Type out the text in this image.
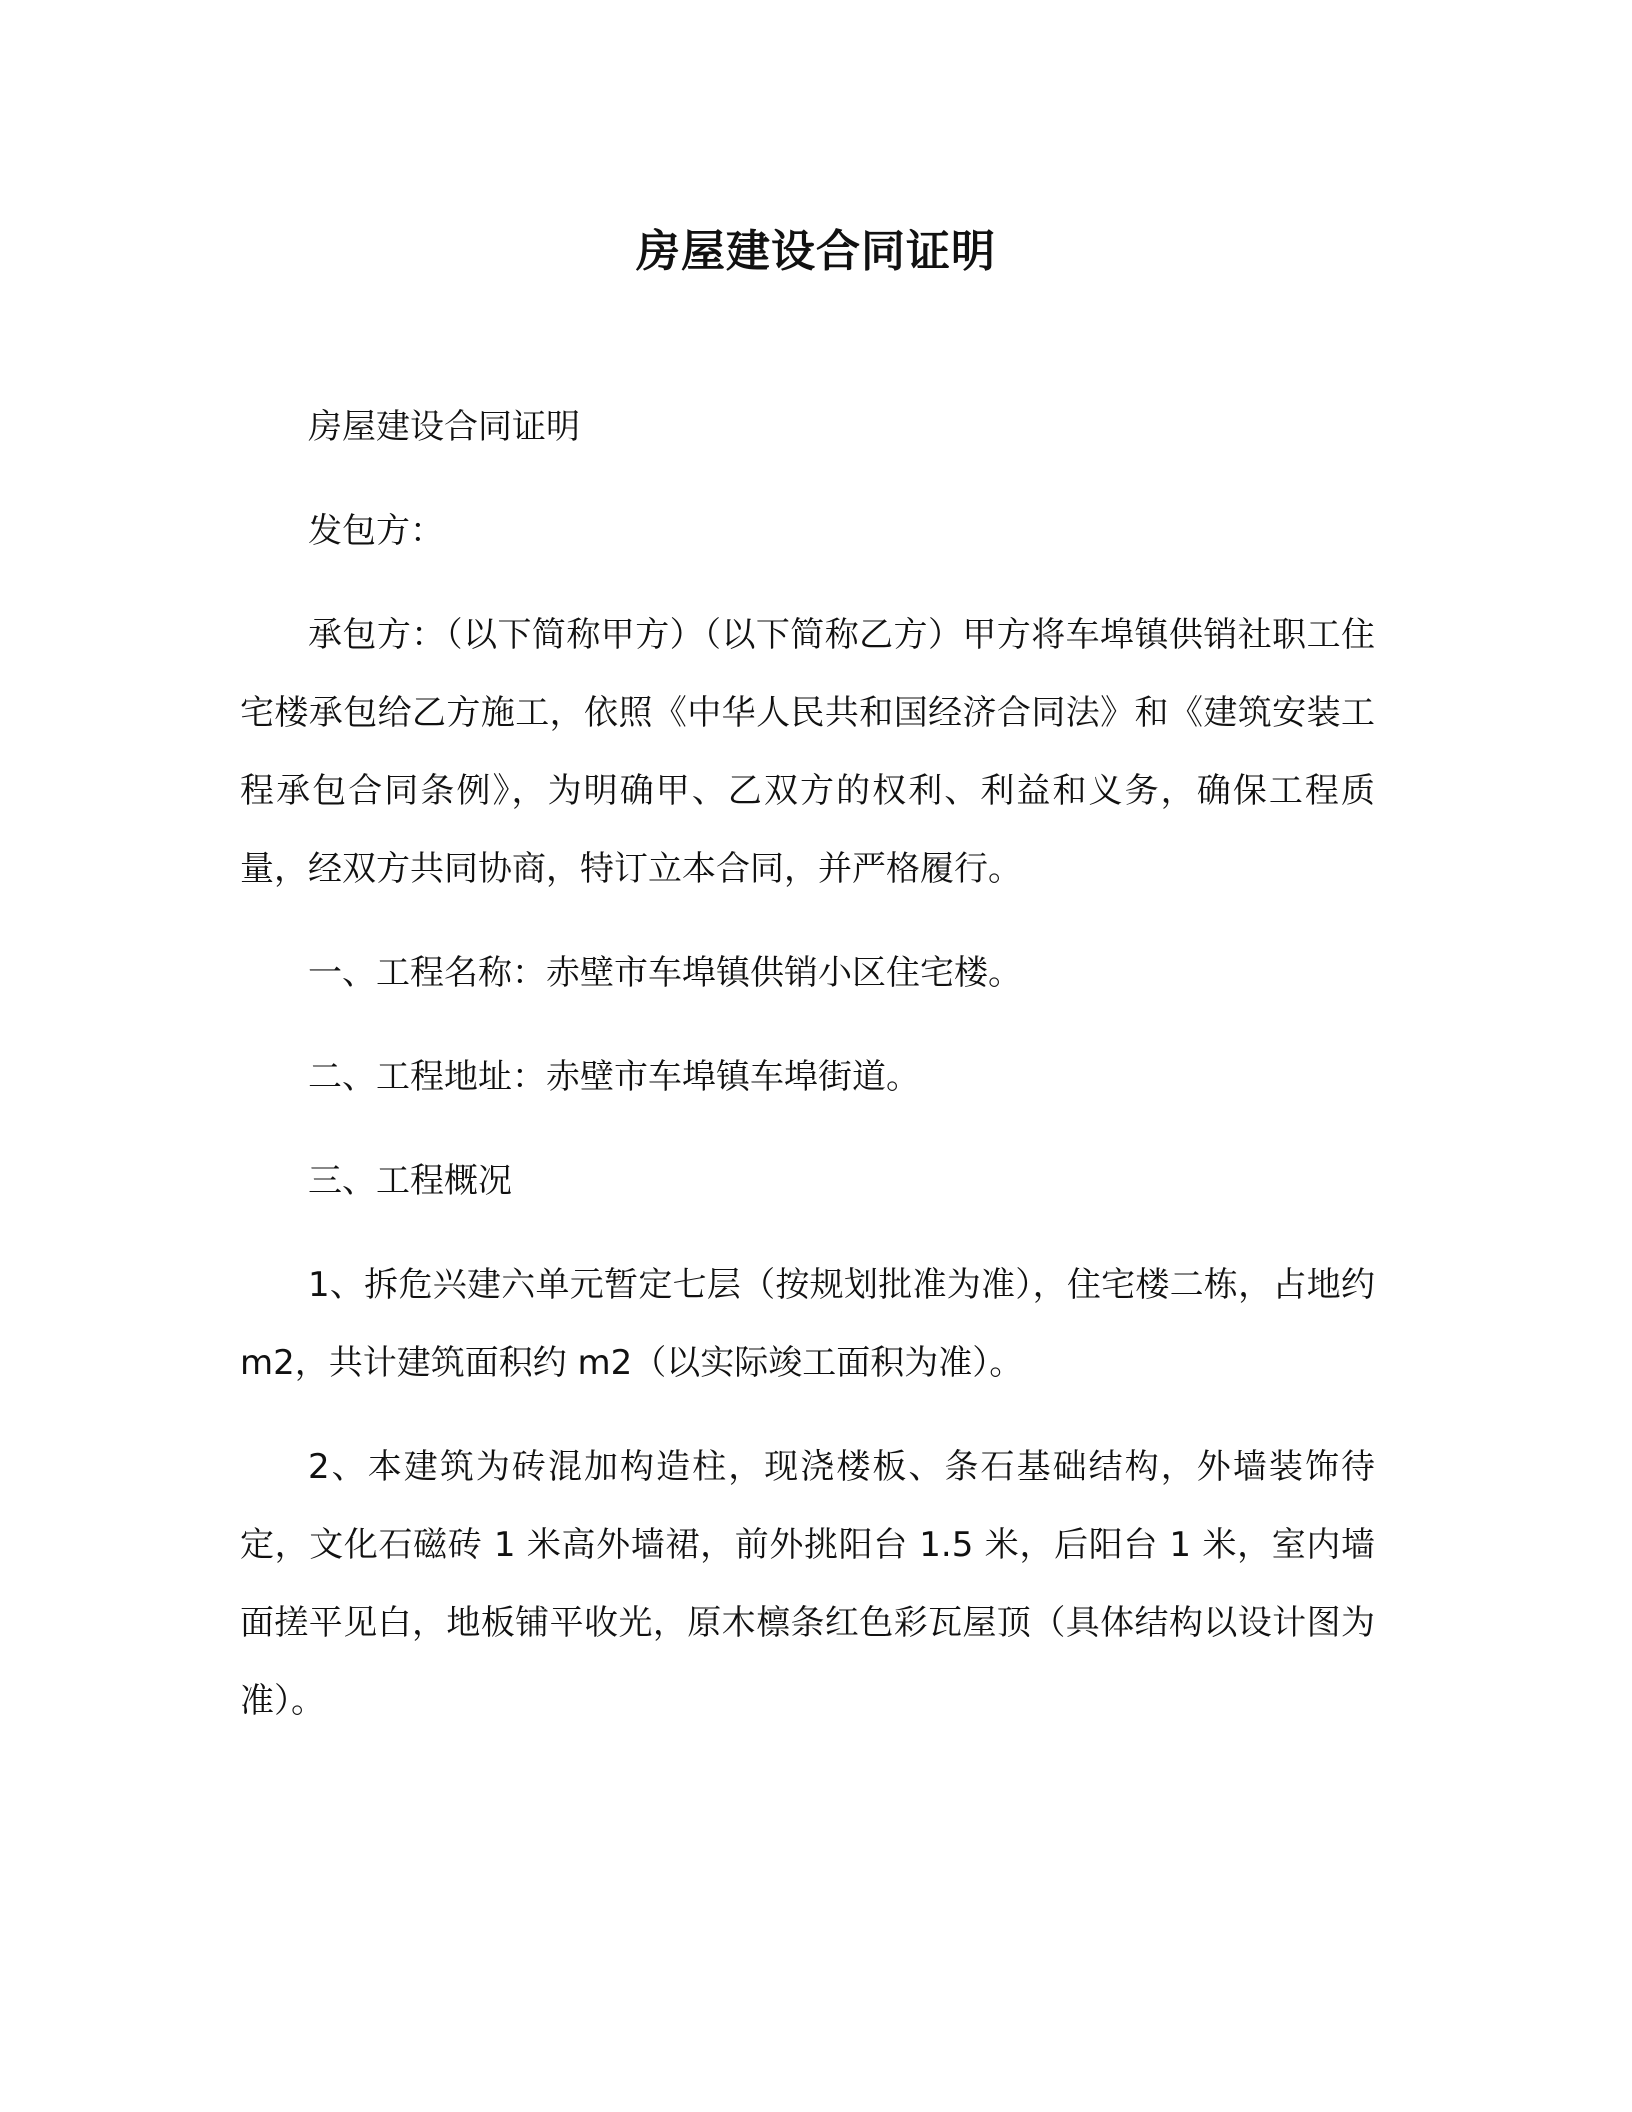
房屋建设合同证明

房屋建设合同证明

发包方：

承包方：（以下简称甲方）（以下简称乙方）甲方将车埠镇供销社职工住宅楼承包给乙方施工，依照《中华人民共和国经济合同法》和《建筑安装工程承包合同条例》，为明确甲、乙双方的权利、利益和义务，确保工程质量，经双方共同协商，特订立本合同，并严格履行。

一、工程名称：赤壁市车埠镇供销小区住宅楼。

二、工程地址：赤壁市车埠镇车埠街道。

三、工程概况

1、拆危兴建六单元暂定七层（按规划批准为准），住宅楼二栋，占地约 m2，共计建筑面积约 m2（以实际竣工面积为准）。

2、本建筑为砖混加构造柱，现浇楼板、条石基础结构，外墙装饰待定，文化石磁砖 1 米高外墙裙，前外挑阳台 1.5 米，后阳台 1 米，室内墙面搓平见白，地板铺平收光，原木檩条红色彩瓦屋顶（具体结构以设计图为准）。
